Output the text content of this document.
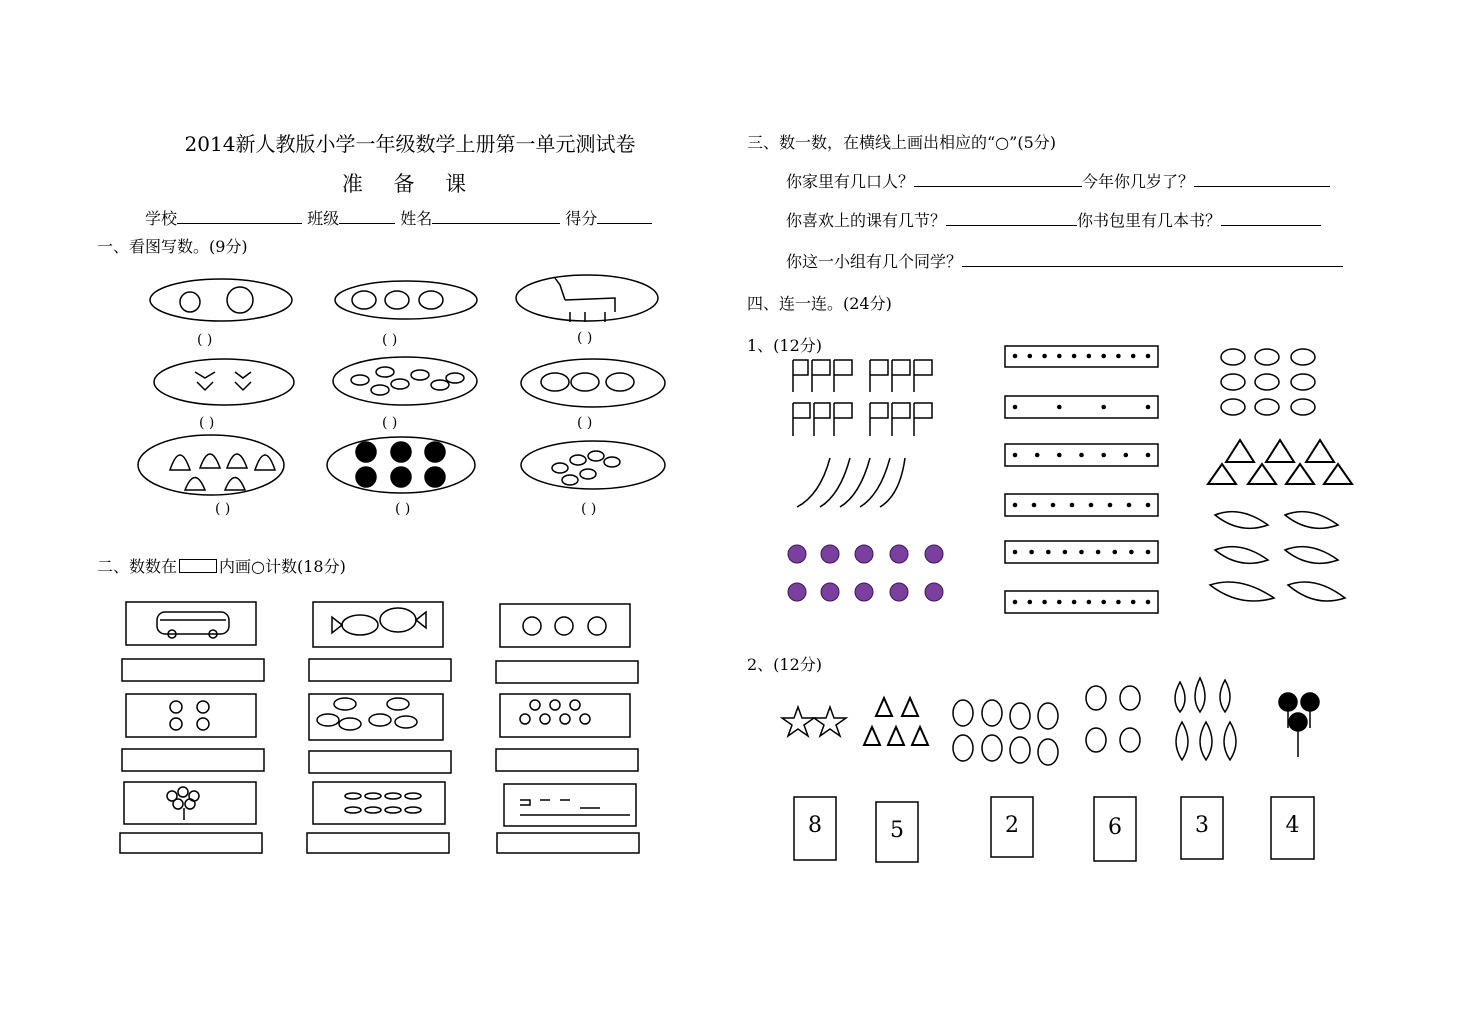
2014新人教版小学一年级数学上册第一单元测试卷
准 备 课
学校	班级	姓名	得分
一、看图写数。(9分)
( )	( )	( )
( )	( )	( )
( )	( )	( )
二、数数在	内画○计数(18分)
三、数一数，在横线上画出相应的“○”(5分)
你家里有几口人？	今年你几岁了？
你喜欢上的课有几节？	你书包里有几本书？
你这一小组有几个同学？
四、连一连。(24分)
1、(12分)
2、(12分)
8	5	2	6	3	4
